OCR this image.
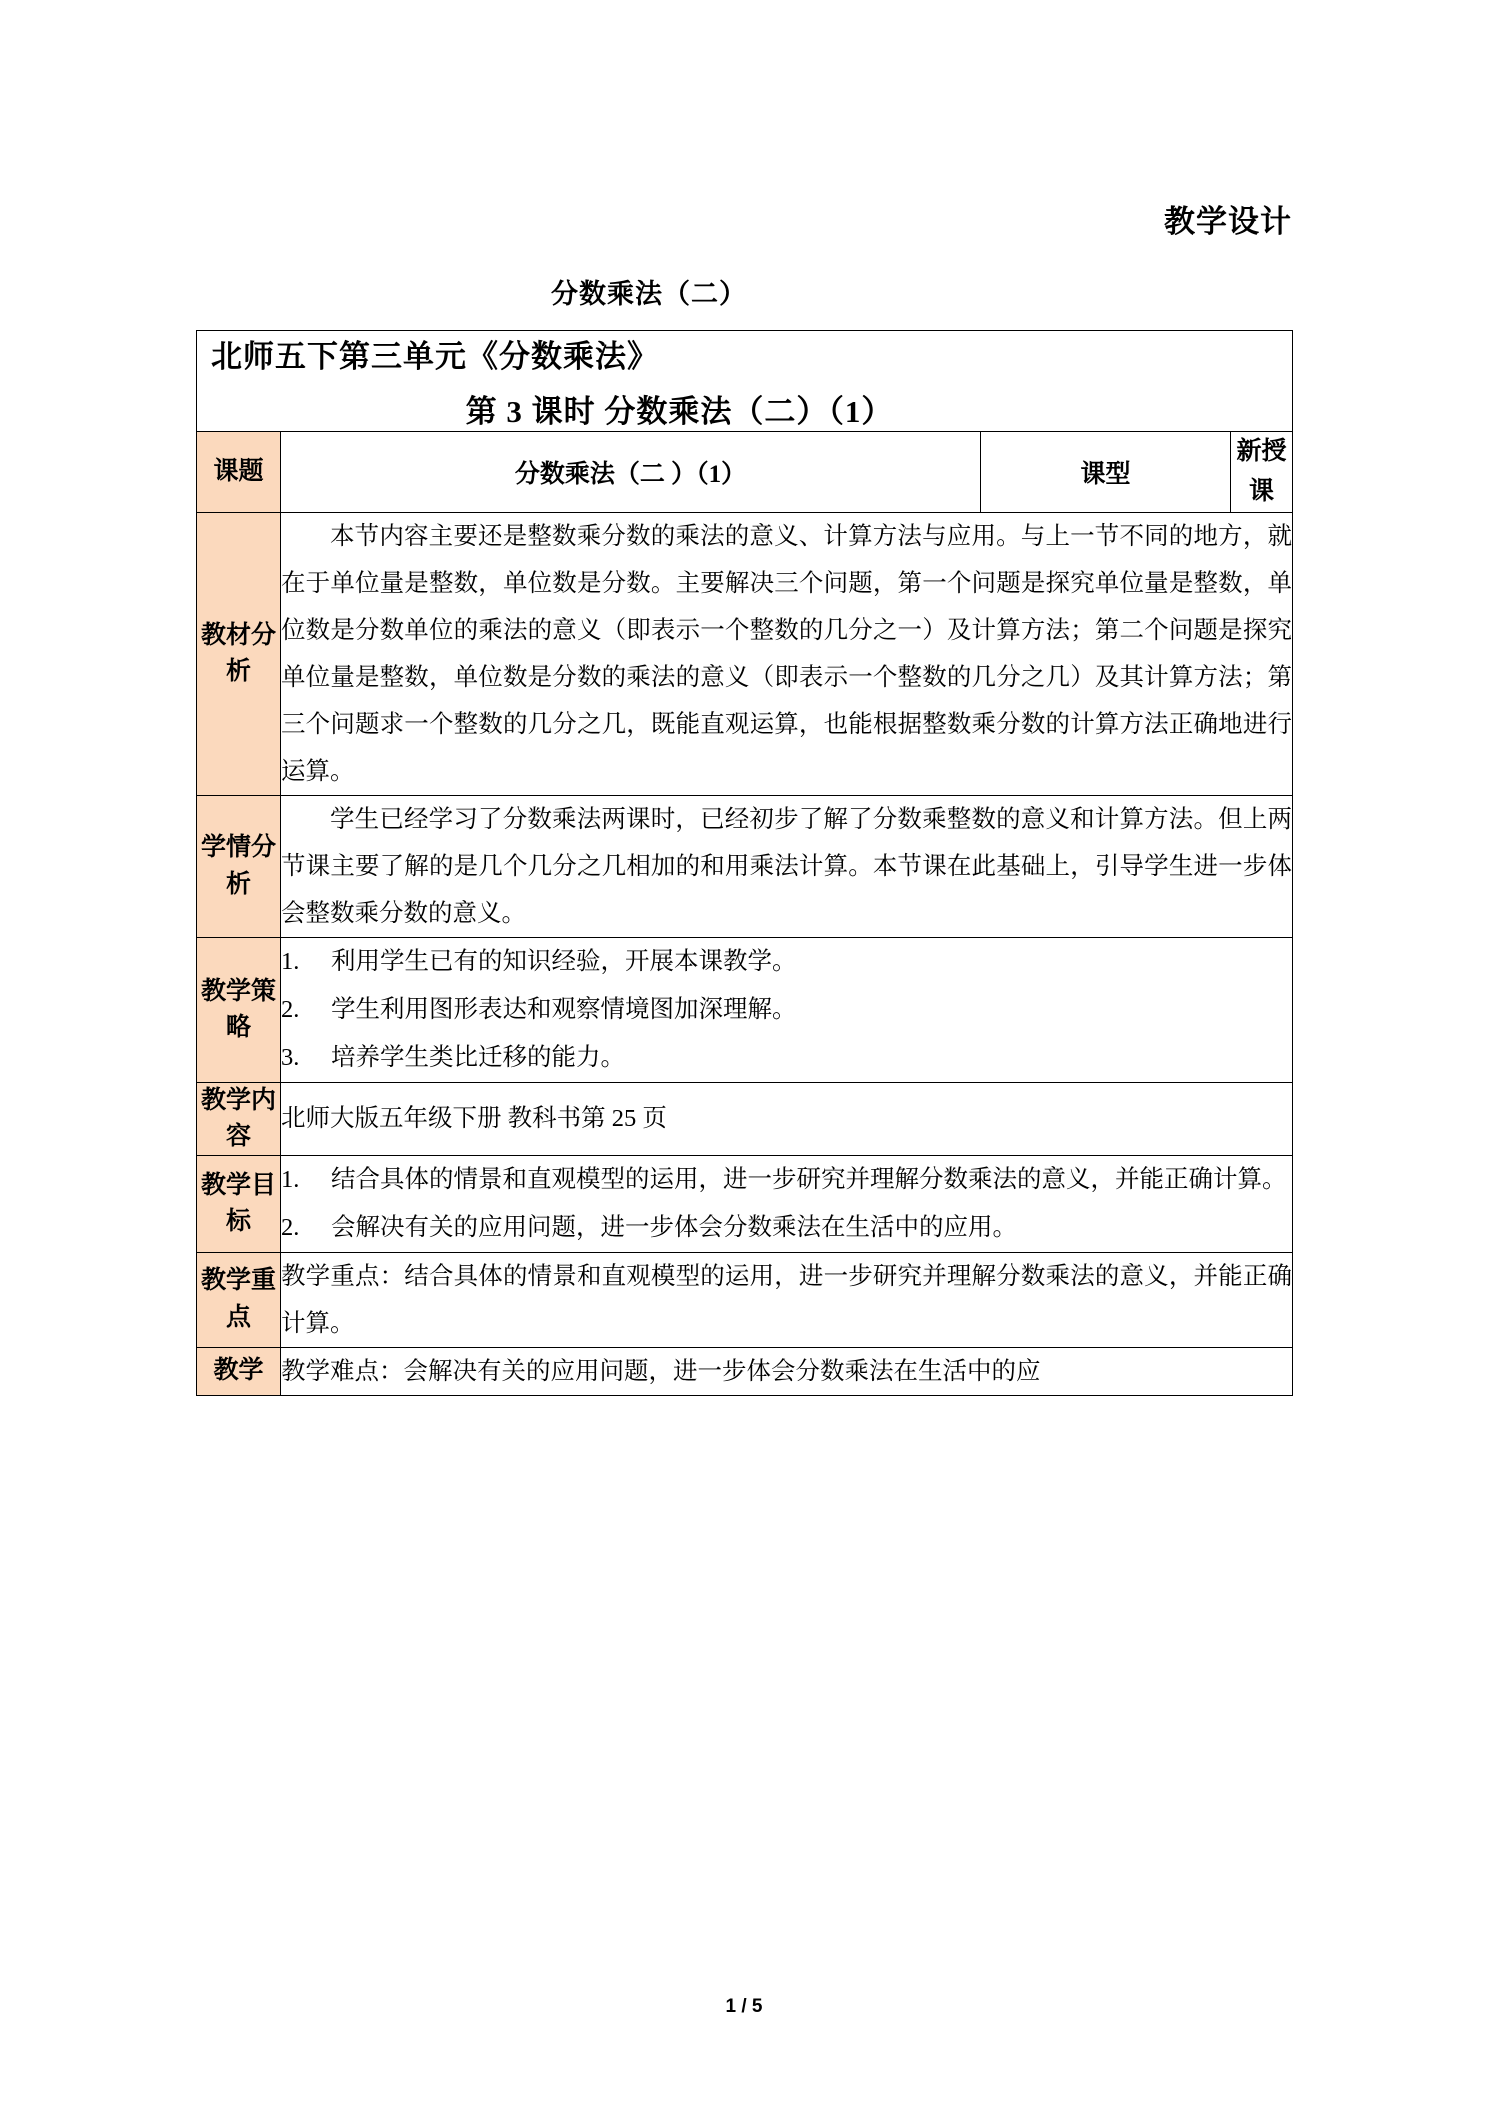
教学设计
分数乘法（二）
北师五下第三单元《分数乘法》
第 3 课时 分数乘法（二）（1）			

课题	分数乘法（二 ）（1）	课型	新授课
教材分析	本节内容主要还是整数乘分数的乘法的意义、计算方法与应用。与上一节不同的地方，就在于单位量是整数，单位数是分数。主要解决三个问题，第一个问题是探究单位量是整数，单位数是分数单位的乘法的意义（即表示一个整数的几分之一）及计算方法；第二个问题是探究单位量是整数，单位数是分数的乘法的意义（即表示一个整数的几分之几）及其计算方法；第三个问题求一个整数的几分之几，既能直观运算，也能根据整数乘分数的计算方法正确地进行运算。		

学情分析	学生已经学习了分数乘法两课时，已经初步了解了分数乘整数的意义和计算方法。但上两节课主要了解的是几个几分之几相加的和用乘法计算。本节课在此基础上，引导学生进一步体会整数乘分数的意义。		

教学策略	
1. 利用学生已有的知识经验，开展本课教学。
2. 学生利用图形表达和观察情境图加深理解。
3. 培养学生类比迁移的能力。

教学内容	北师大版五年级下册 教科书第 25 页		

教学目标	1. 结合具体的情景和直观模型的运用，进一步研究并理解分数乘法的意义，并能正确计算。
2. 会解决有关的应用问题，进一步体会分数乘法在生活中的应用。		

教学重点	教学重点：结合具体的情景和直观模型的运用，进一步研究并理解分数乘法的意义，并能正确计算。		

教学	教学难点：会解决有关的应用问题，进一步体会分数乘法在生活中的应		

1 / 5
